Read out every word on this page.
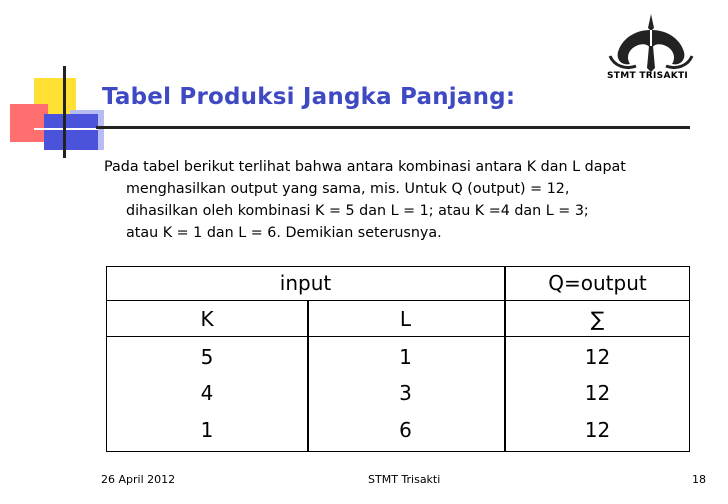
STMT TRISAKTI
Tabel Produksi Jangka Panjang:
Pada tabel berikut terlihat bahwa antara kombinasi antara K dan L dapat
menghasilkan output yang sama, mis. Untuk Q (output) = 12,
dihasilkan oleh kombinasi K = 5 dan L = 1; atau K =4 dan L = 3;
atau K = 1 dan L = 6. Demikian seterusnya.
input	Q=output
K	L	∑
5	1	12
4	3	12
1	6	12
26 April 2012	STMT Trisakti	18
